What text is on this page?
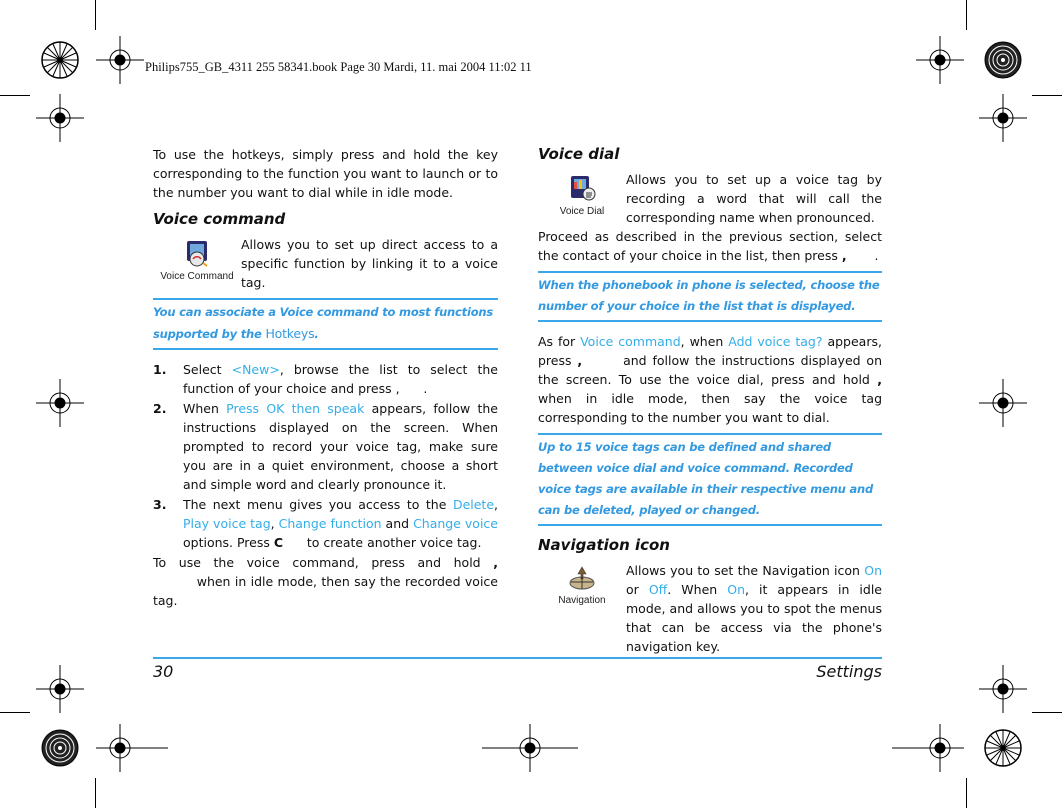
Philips755_GB_4311 255 58341.book Page 30 Mardi, 11. mai 2004 11:02 11

To use the hotkeys, simply press and hold the key corresponding to the function you want to launch or to the number you want to dial while in idle mode.

Voice command
Voice Command

Allows you to set up direct access to a specific function by linking it to a voice tag.

You can associate a Voice command to most functions supported by the Hotkeys.
1.	Select <New>, browse the list to select the function of your choice and press , .
2.	When Press OK then speak appears, follow the instructions displayed on the screen. When prompted to record your voice tag, make sure you are in a quiet environment, choose a short and simple word and clearly pronounce it.
3.	The next menu gives you access to the Delete, Play voice tag, Change function and Change voice options. Press C to create another voice tag.

To use the voice command, press and hold ,           when in idle mode, then say the recorded voice tag.

Voice dial
Voice Dial

Allows you to set up a voice tag by recording a word that will call the corresponding name when pronounced.

Proceed as described in the previous section, select the contact of your choice in the list, then press , .

When the phonebook in phone is selected, choose the number of your choice in the list that is displayed.

As for Voice command, when Add voice tag? appears, press ,	and follow the instructions displayed on the screen. To use the voice dial, press and hold , when in idle mode, then say the voice tag corresponding to the number you want to dial.

Up to 15 voice tags can be defined and shared between voice dial and voice command. Recorded voice tags are available in their respective menu and can be deleted, played or changed.
Navigation icon
Navigation

Allows you to set the Navigation icon On or Off. When On, it appears in idle mode, and allows you to spot the menus that can be access via the phone's navigation key.

30	Settings
